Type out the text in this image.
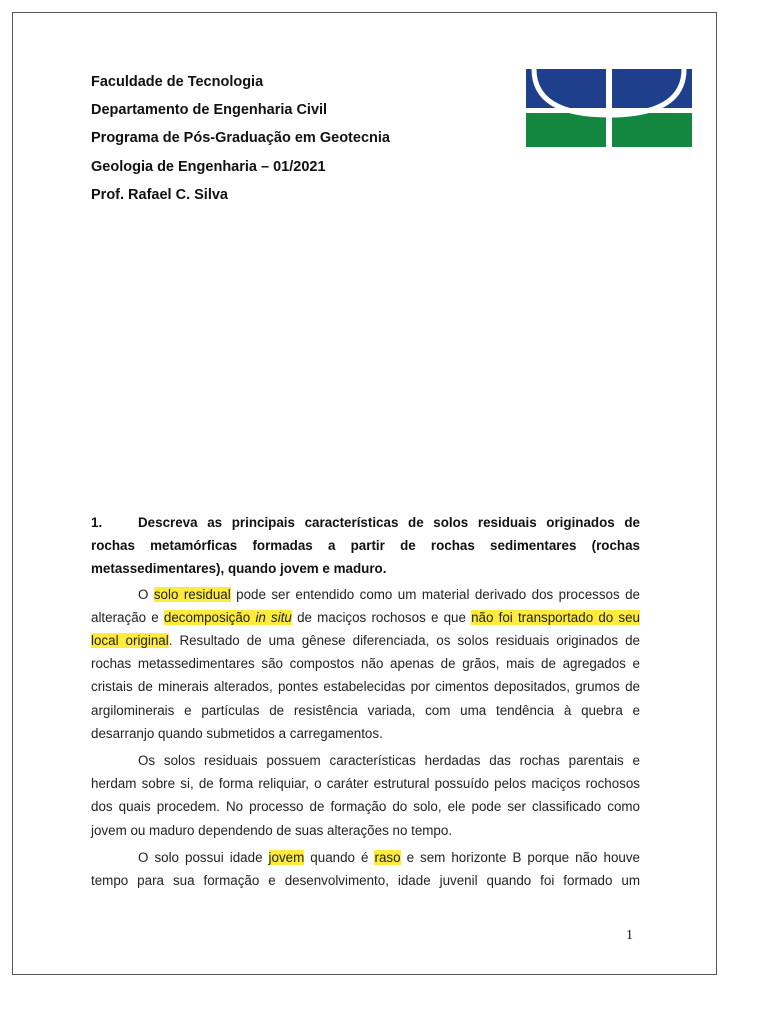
Faculdade de Tecnologia
Departamento de Engenharia Civil
Programa de Pós-Graduação em Geotecnia
Geologia de Engenharia – 01/2021
Prof. Rafael C. Silva

1.	Descreva as principais características de solos residuais originados de rochas metamórficas formadas a partir de rochas sedimentares (rochas metassedimentares), quando jovem e maduro.

O solo residual pode ser entendido como um material derivado dos processos de alteração e decomposição in situ de maciços rochosos e que não foi transportado do seu local original. Resultado de uma gênese diferenciada, os solos residuais originados de rochas metassedimentares são compostos não apenas de grãos, mais de agregados e cristais de minerais alterados, pontes estabelecidas por cimentos depositados, grumos de argilominerais e partículas de resistência variada, com uma tendência à quebra e desarranjo quando submetidos a carregamentos.

Os solos residuais possuem características herdadas das rochas parentais e herdam sobre si, de forma reliquiar, o caráter estrutural possuído pelos maciços rochosos dos quais procedem. No processo de formação do solo, ele pode ser classificado como jovem ou maduro dependendo de suas alterações no tempo.

O solo possui idade jovem quando é raso e sem horizonte B porque não houve tempo para sua formação e desenvolvimento, idade juvenil quando foi formado um

1
